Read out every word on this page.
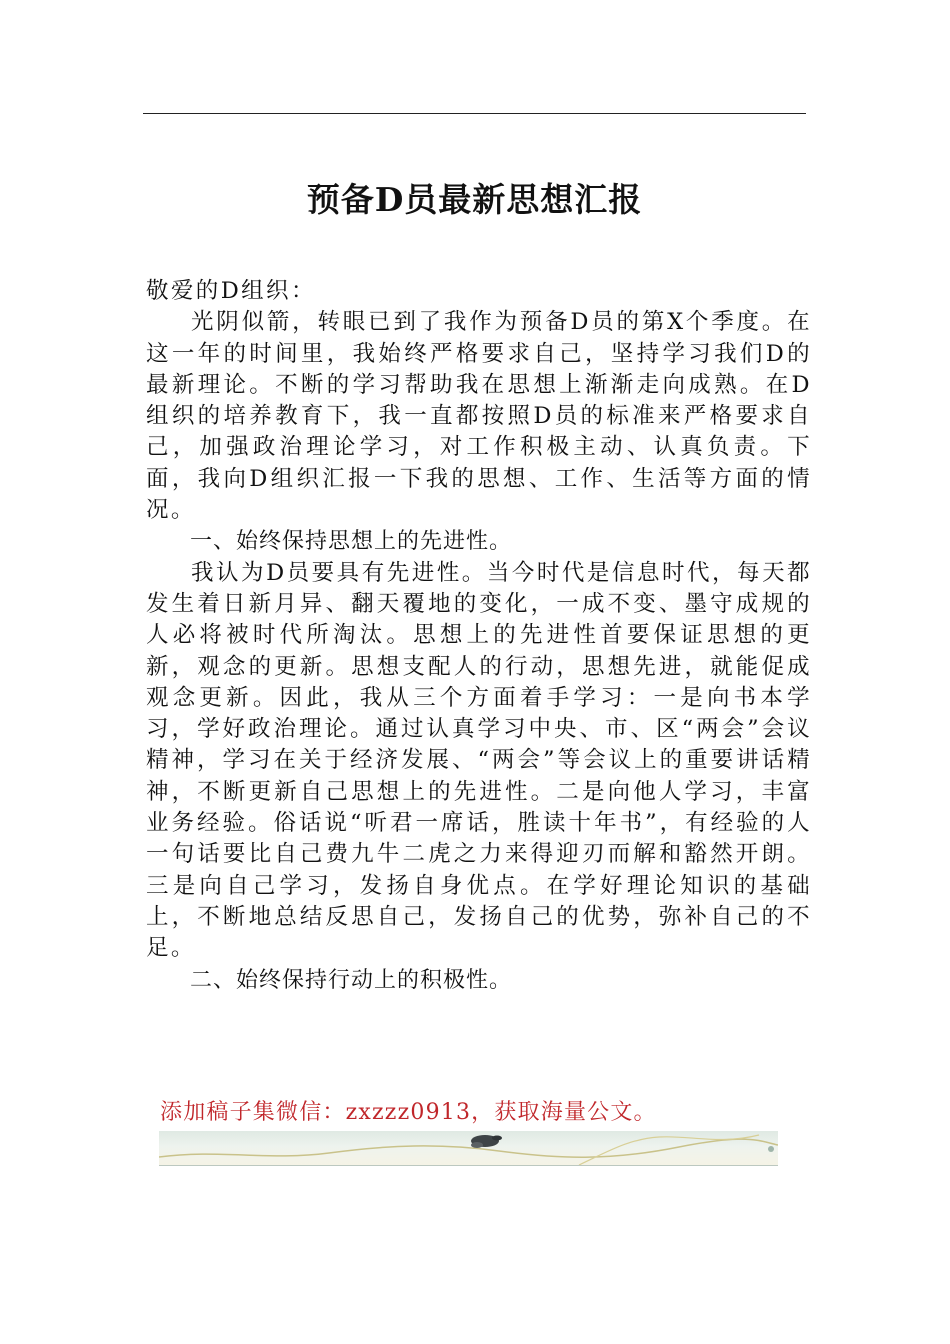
预备D员最新思想汇报

敬爱的D组织：

光阴似箭，转眼已到了我作为预备D员的第X个季度。在这一年的时间里，我始终严格要求自己，坚持学习我们D的最新理论。不断的学习帮助我在思想上渐渐走向成熟。在D组织的培养教育下，我一直都按照D员的标准来严格要求自己，加强政治理论学习，对工作积极主动、认真负责。下面，我向D组织汇报一下我的思想、工作、生活等方面的情况。

一、始终保持思想上的先进性。

我认为D员要具有先进性。当今时代是信息时代，每天都发生着日新月异、翻天覆地的变化，一成不变、墨守成规的人必将被时代所淘汰。思想上的先进性首要保证思想的更新，观念的更新。思想支配人的行动，思想先进，就能促成观念更新。因此，我从三个方面着手学习：一是向书本学习，学好政治理论。通过认真学习中央、市、区“两会”会议精神，学习在关于经济发展、“两会”等会议上的重要讲话精神，不断更新自己思想上的先进性。二是向他人学习，丰富业务经验。俗话说“听君一席话，胜读十年书”，有经验的人一句话要比自己费九牛二虎之力来得迎刃而解和豁然开朗。三是向自己学习，发扬自身优点。在学好理论知识的基础上，不断地总结反思自己，发扬自己的优势，弥补自己的不足。

二、始终保持行动上的积极性。

添加稿子集微信：zxzzz0913，获取海量公文。
